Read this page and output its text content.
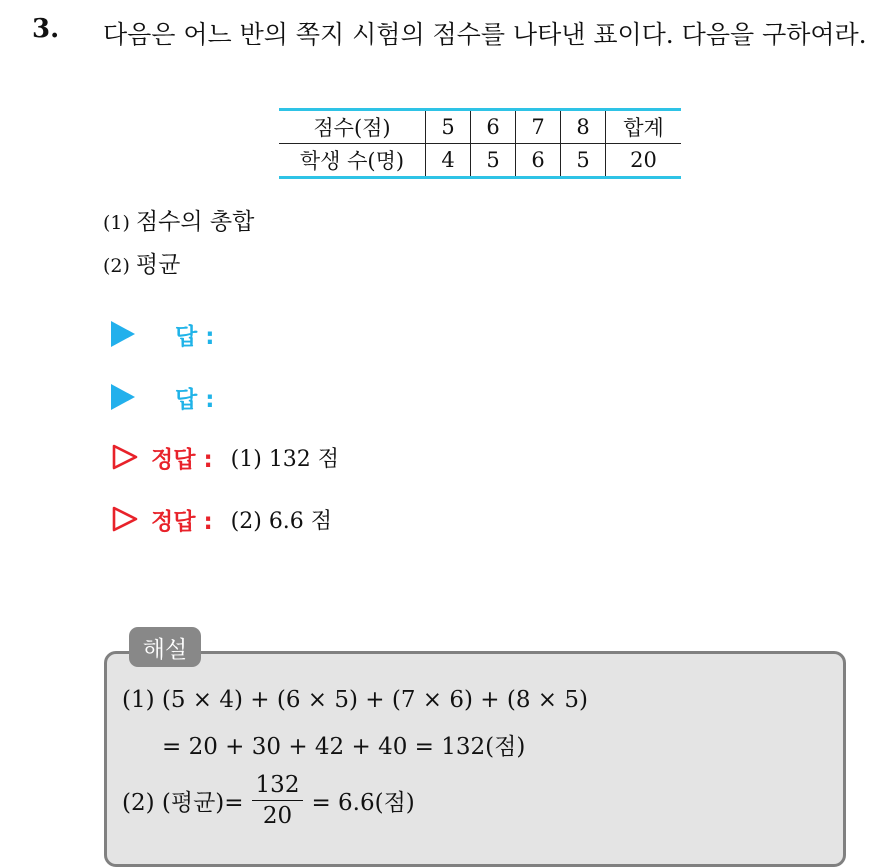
3. 다음은 어느 반의 쪽지 시험의 점수를 나타낸 표이다. 다음을 구하여라.
점수(점)	5	6	7	8	합계
학생 수(명)	4	5	6	5	20
(1) 점수의 총합
(2) 평균
답 :
답 :
정답 : (1) 132 점
정답 : (2) 6.6 점
해설
(1) (5 × 4) + (6 × 5) + (7 × 6) + (8 × 5)
= 20 + 30 + 42 + 40 = 132(점)
(2) (평균)= $\frac{132}{20} = 6.6$(점)
